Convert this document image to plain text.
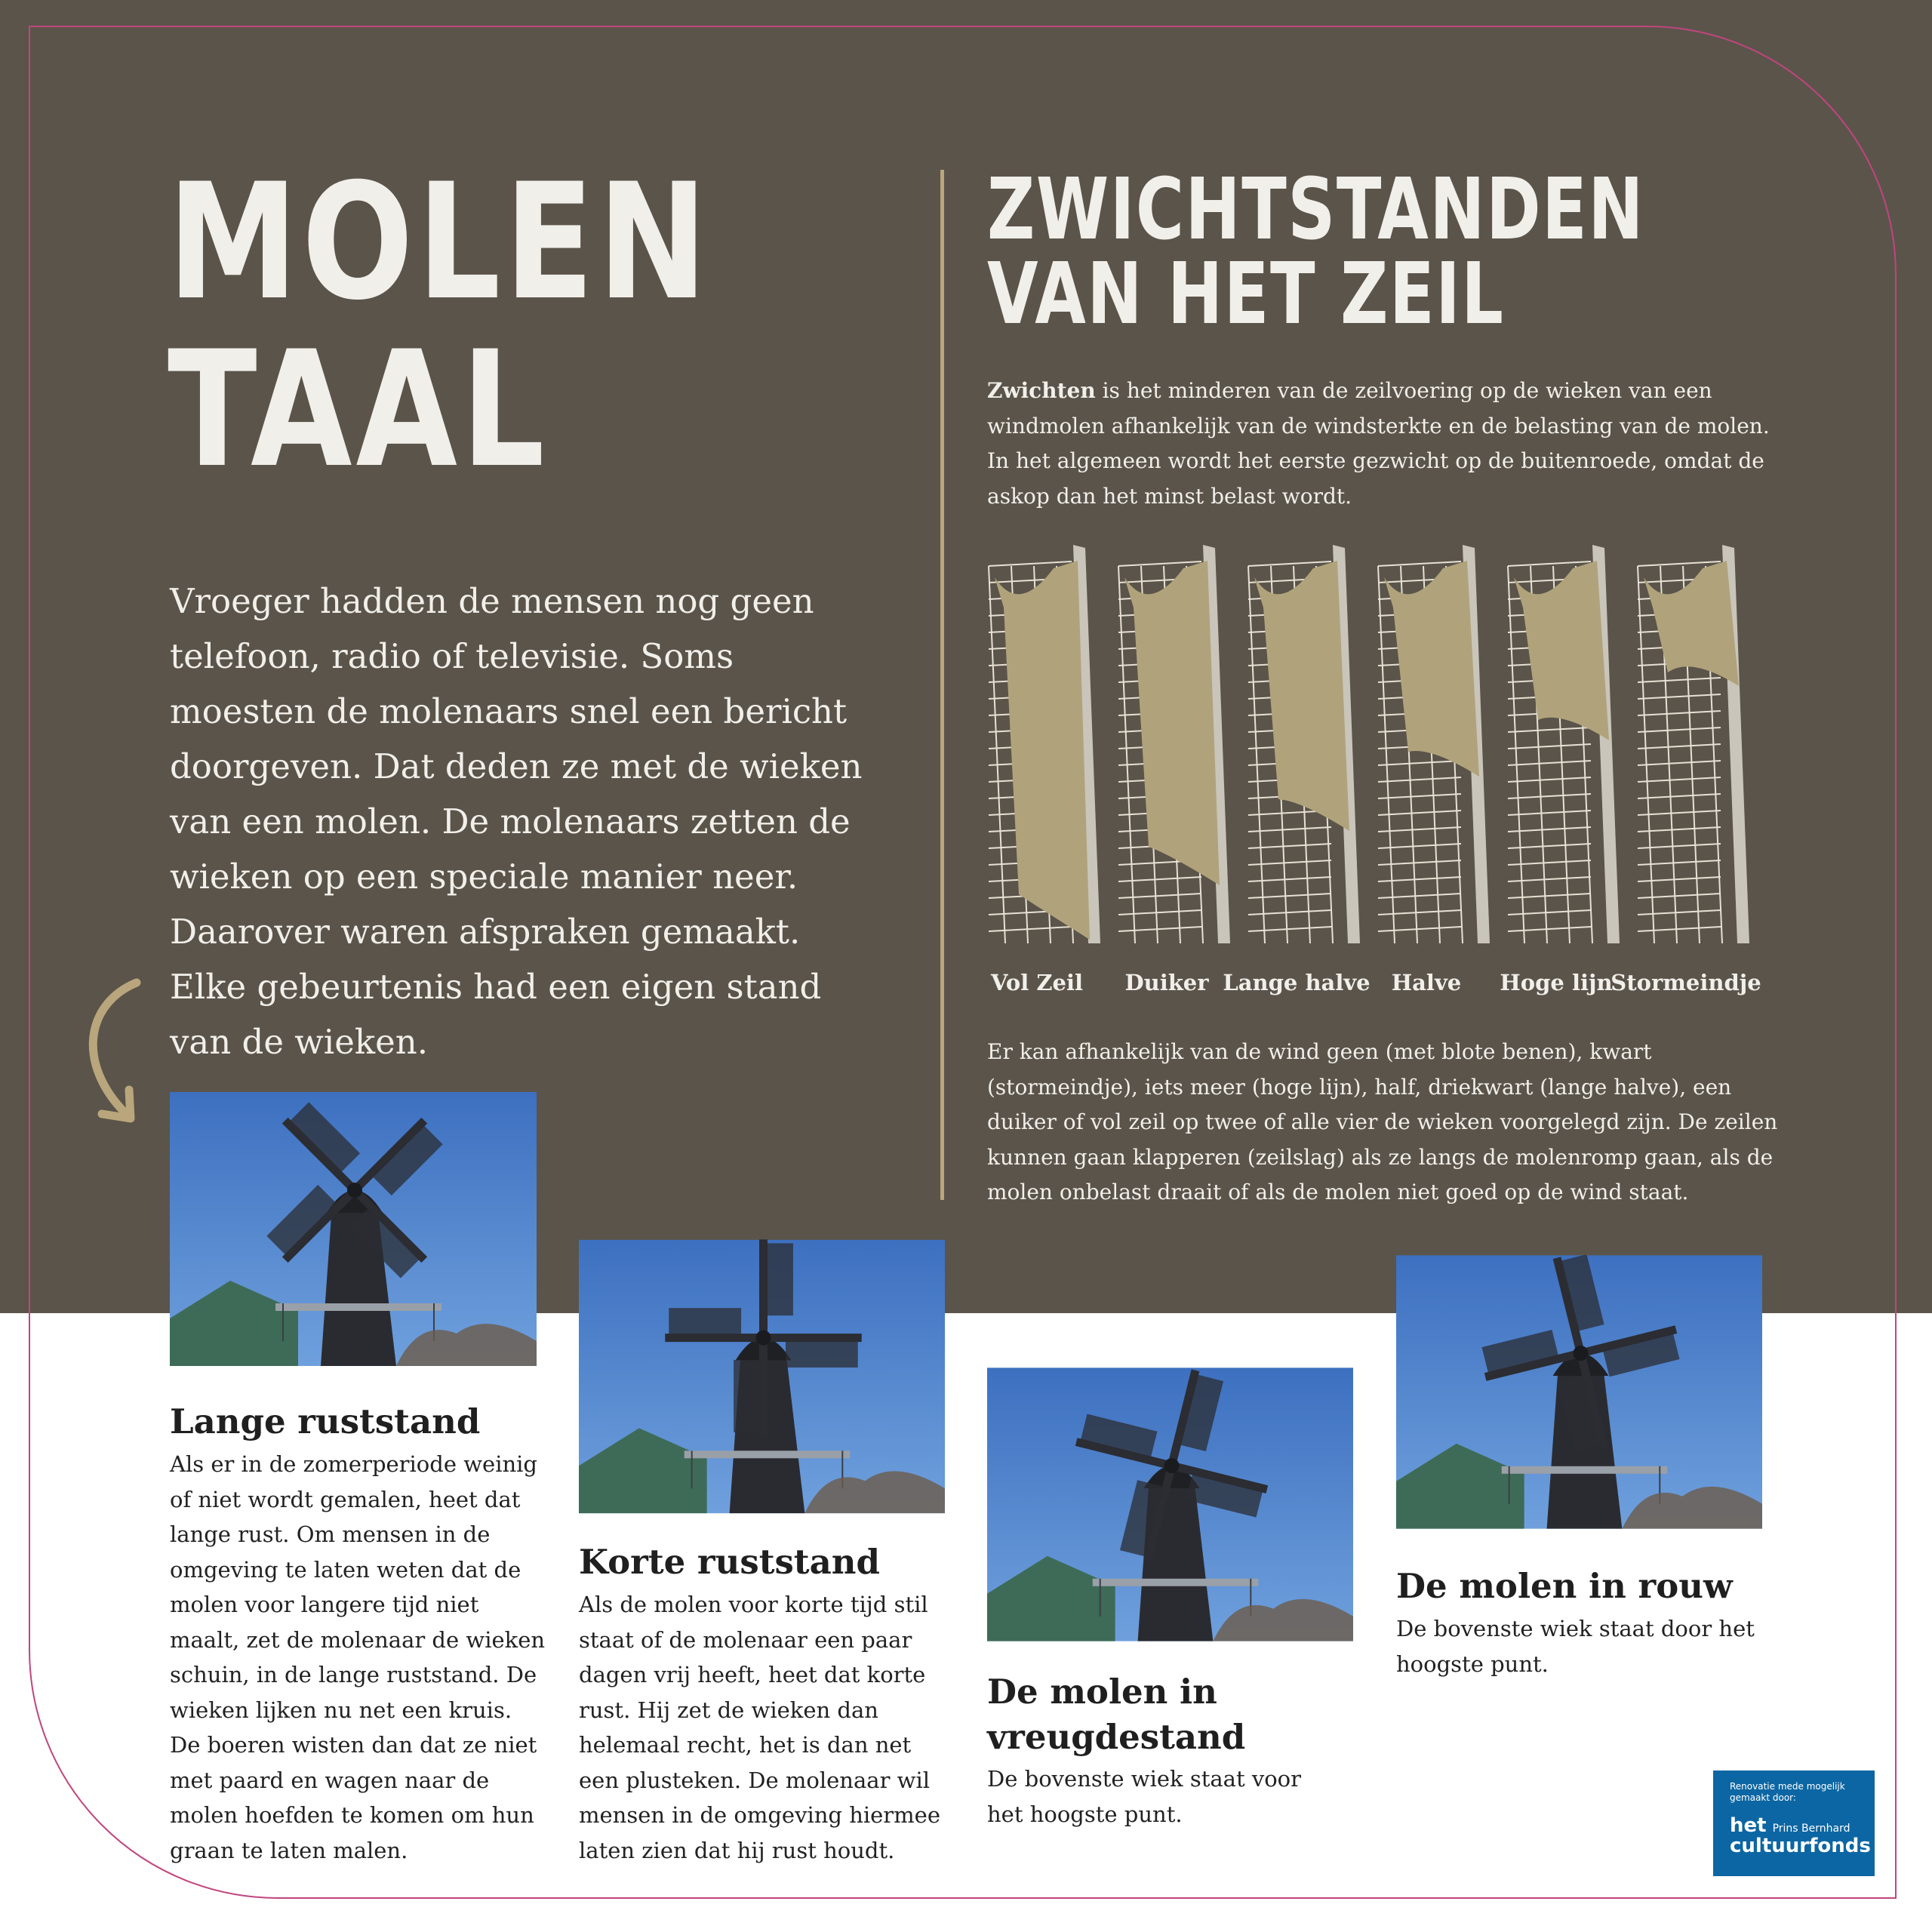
MOLEN
TAAL

Vroeger hadden de mensen nog geen telefoon, radio of televisie. Soms moesten de molenaars snel een bericht doorgeven. Dat deden ze met de wieken van een molen. De molenaars zetten de wieken op een speciale manier neer. Daarover waren afspraken gemaakt. Elke gebeurtenis had een eigen stand van de wieken.

ZWICHTSTANDEN
VAN HET ZEIL

Zwichten is het minderen van de zeilvoering op de wieken van een windmolen afhankelijk van de windsterkte en de belasting van de molen. In het algemeen wordt het eerste gezwicht op de buitenroede, omdat de askop dan het minst belast wordt.

Vol Zeil Duiker Lange halve Halve Hoge lijn

Stormeindje

Er kan afhankelijk van de wind geen (met blote benen), kwart (stormeindje), iets meer (hoge lijn), half, driekwart (lange halve), een duiker of vol zeil op twee of alle vier de wieken voorgelegd zijn. De zeilen kunnen gaan klapperen (zeilslag) als ze langs de molenromp gaan, als de molen onbelast draait of als de molen niet goed op de wind staat.

Lange ruststand

Als er in de zomerperiode weinig of niet wordt gemalen, heet dat lange rust. Om mensen in de omgeving te laten weten dat de molen voor langere tijd niet maalt, zet de molenaar de wieken schuin, in de lange ruststand. De wieken lijken nu net een kruis. De boeren wisten dan dat ze niet met paard en wagen naar de molen hoefden te komen om hun graan te laten malen.

Korte ruststand

Als de molen voor korte tijd stil staat of de molenaar een paar dagen vrij heeft, heet dat korte rust. Hij zet de wieken dan helemaal recht, het is dan net een plusteken. De molenaar wil mensen in de omgeving hiermee laten zien dat hij rust houdt.

De molen in vreugdestand

De bovenste wiek staat voor het hoogste punt.

De molen in rouw

De bovenste wiek staat door het hoogste punt.

Renovatie mede mogelijk gemaakt door:
het Prins Bernhard
cultuurfonds
